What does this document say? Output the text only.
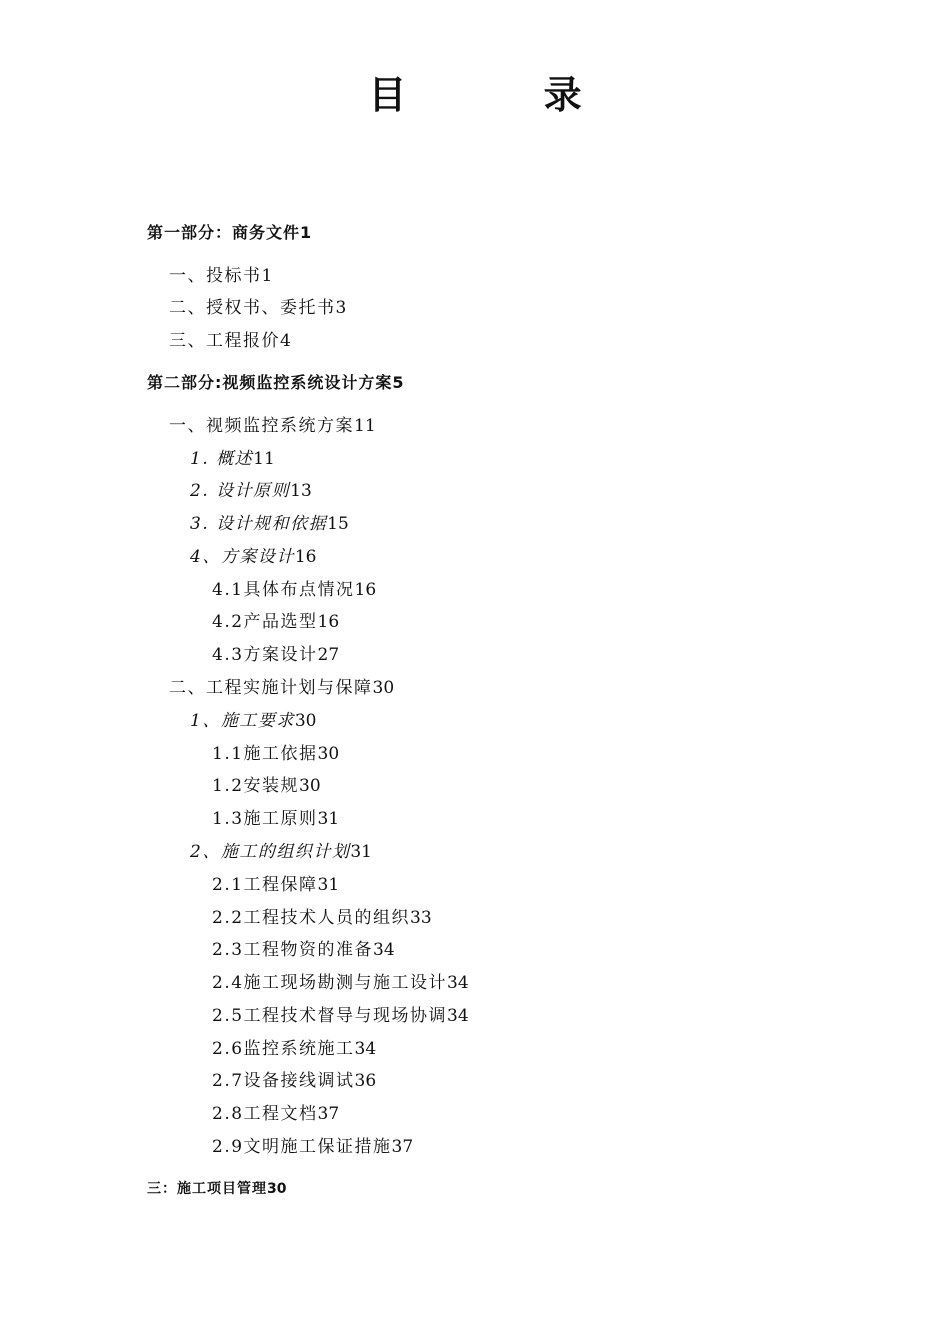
目 录
第一部分：商务文件1
一、投标书1
二、授权书、委托书3
三、工程报价4
第二部分:视频监控系统设计方案5
一、视频监控系统方案11
1. 概述11
2. 设计原则13
3. 设计规和依据15
4、方案设计16
4.1具体布点情况16
4.2产品选型16
4.3方案设计27
二、工程实施计划与保障30
1、施工要求30
1.1施工依据30
1.2安装规30
1.3施工原则31
2、施工的组织计划31
2.1工程保障31
2.2工程技术人员的组织33
2.3工程物资的准备34
2.4施工现场勘测与施工设计34
2.5工程技术督导与现场协调34
2.6监控系统施工34
2.7设备接线调试36
2.8工程文档37
2.9文明施工保证措施37
三：施工项目管理30
